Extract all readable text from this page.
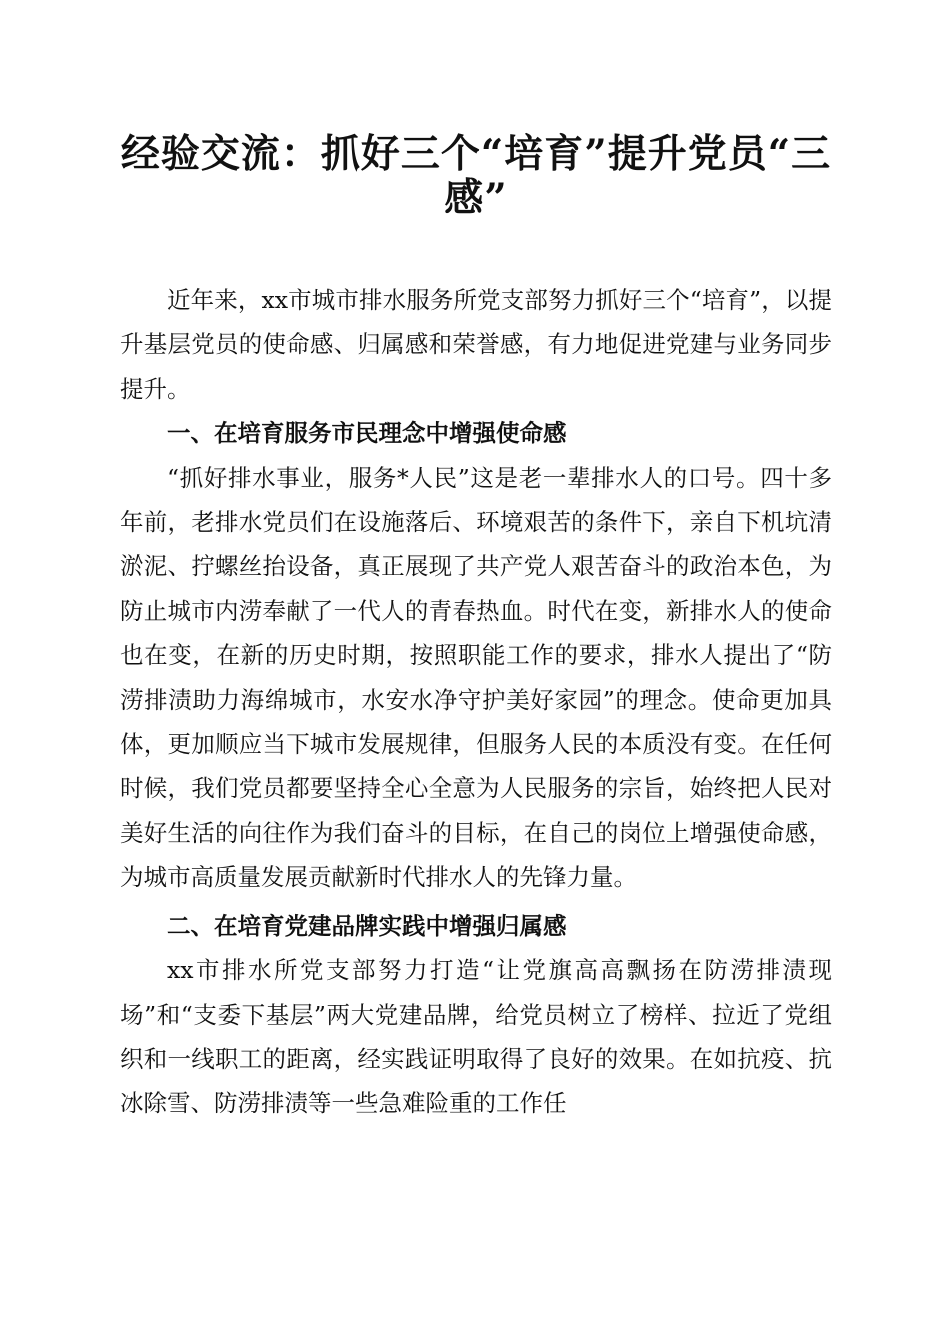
经验交流：抓好三个“培育”提升党员“三感”

近年来，xx市城市排水服务所党支部努力抓好三个“培育”，以提升基层党员的使命感、归属感和荣誉感，有力地促进党建与业务同步提升。

一、在培育服务市民理念中增强使命感

“抓好排水事业，服务*人民”这是老一辈排水人的口号。四十多年前，老排水党员们在设施落后、环境艰苦的条件下，亲自下机坑清淤泥、拧螺丝抬设备，真正展现了共产党人艰苦奋斗的政治本色，为防止城市内涝奉献了一代人的青春热血。时代在变，新排水人的使命也在变，在新的历史时期，按照职能工作的要求，排水人提出了“防涝排渍助力海绵城市，水安水净守护美好家园”的理念。使命更加具体，更加顺应当下城市发展规律，但服务人民的本质没有变。在任何时候，我们党员都要坚持全心全意为人民服务的宗旨，始终把人民对美好生活的向往作为我们奋斗的目标，在自己的岗位上增强使命感，为城市高质量发展贡献新时代排水人的先锋力量。

二、在培育党建品牌实践中增强归属感

xx市排水所党支部努力打造“让党旗高高飘扬在防涝排渍现场”和“支委下基层”两大党建品牌，给党员树立了榜样、拉近了党组织和一线职工的距离，经实践证明取得了良好的效果。在如抗疫、抗冰除雪、防涝排渍等一些急难险重的工作任
